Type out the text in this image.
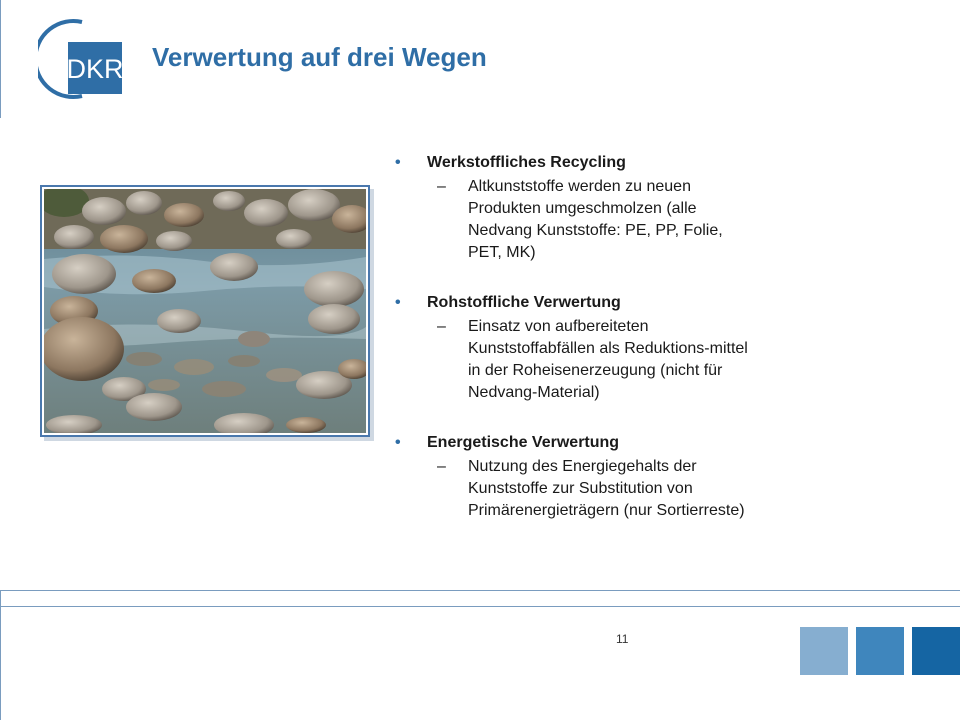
DKR Verwertung auf drei Wegen
• Werkstoffliches Recycling
– Altkunststoffe werden zu neuen
Produkten umgeschmolzen (alle
Nedvang Kunststoffe: PE, PP, Folie,
PET, MK)
• Rohstoffliche Verwertung
– Einsatz von aufbereiteten
Kunststoffabfällen als Reduktions-mittel
in der Roheisenerzeugung (nicht für
Nedvang-Material)
• Energetische Verwertung
– Nutzung des Energiegehalts der
Kunststoffe zur Substitution von
Primärenergieträgern (nur Sortierreste)
11
